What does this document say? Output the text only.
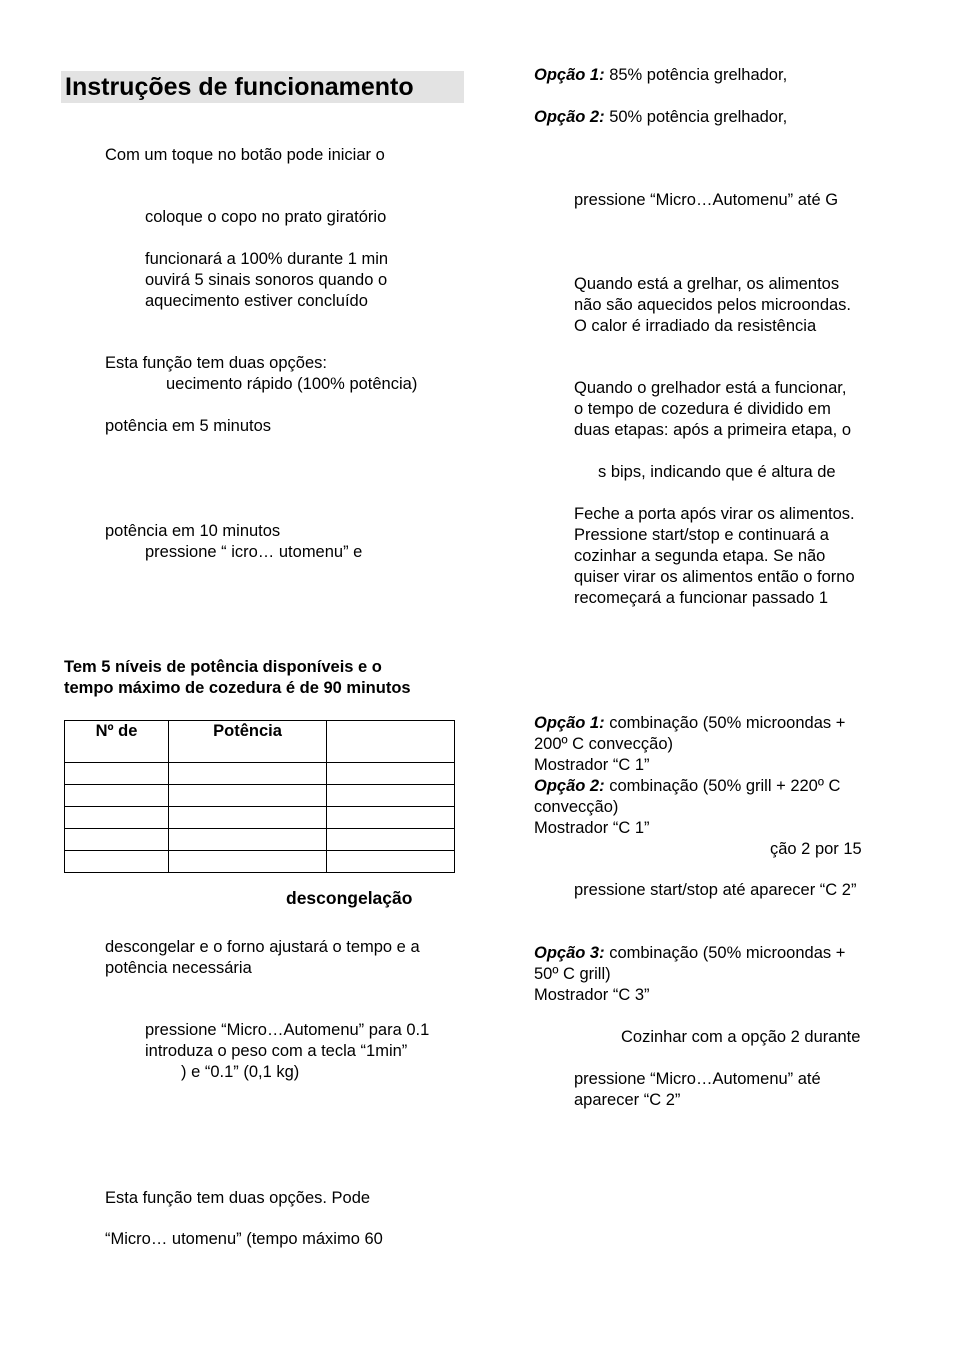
Instruções de funcionamento

Com um toque no botão pode iniciar o

coloque o copo no prato giratório

funcionará a 100% durante 1 min

ouvirá 5 sinais sonoros quando o

aquecimento estiver concluído

Esta função tem duas opções:

uecimento rápido (100% potência)

potência em 5 minutos

potência em 10 minutos

pressione “ icro… utomenu” e

Tem 5 níveis de potência disponíveis e o

tempo máximo de cozedura é de 90 minutos

Nº de	Potência	

descongelação

descongelar e o forno ajustará o tempo e a

potência necessária

pressione “Micro…Automenu” para 0.1

introduza o peso com a tecla “1min”

) e “0.1” (0,1 kg)

Esta função tem duas opções. Pode

“Micro… utomenu” (tempo máximo 60

Opção 1: 85% potência grelhador,

Opção 2: 50% potência grelhador,

pressione “Micro…Automenu” até G

Quando está a grelhar, os alimentos

não são aquecidos pelos microondas.

O calor é irradiado da resistência

Quando o grelhador está a funcionar,

o tempo de cozedura é dividido em

duas etapas: após a primeira etapa, o

s bips, indicando que é altura de

Feche a porta após virar os alimentos.

Pressione start/stop e continuará a

cozinhar a segunda etapa. Se não

quiser virar os alimentos então o forno

recomeçará a funcionar passado 1

Opção 1: combinação (50% microondas +

200º C convecção)

Mostrador “C 1”

Opção 2: combinação (50% grill + 220º C

convecção)

Mostrador “C 1”

ção 2 por 15

pressione start/stop até aparecer “C 2”

Opção 3: combinação (50% microondas +

50º C grill)

Mostrador “C 3”

Cozinhar com a opção 2 durante

pressione “Micro…Automenu” até

aparecer “C 2”
